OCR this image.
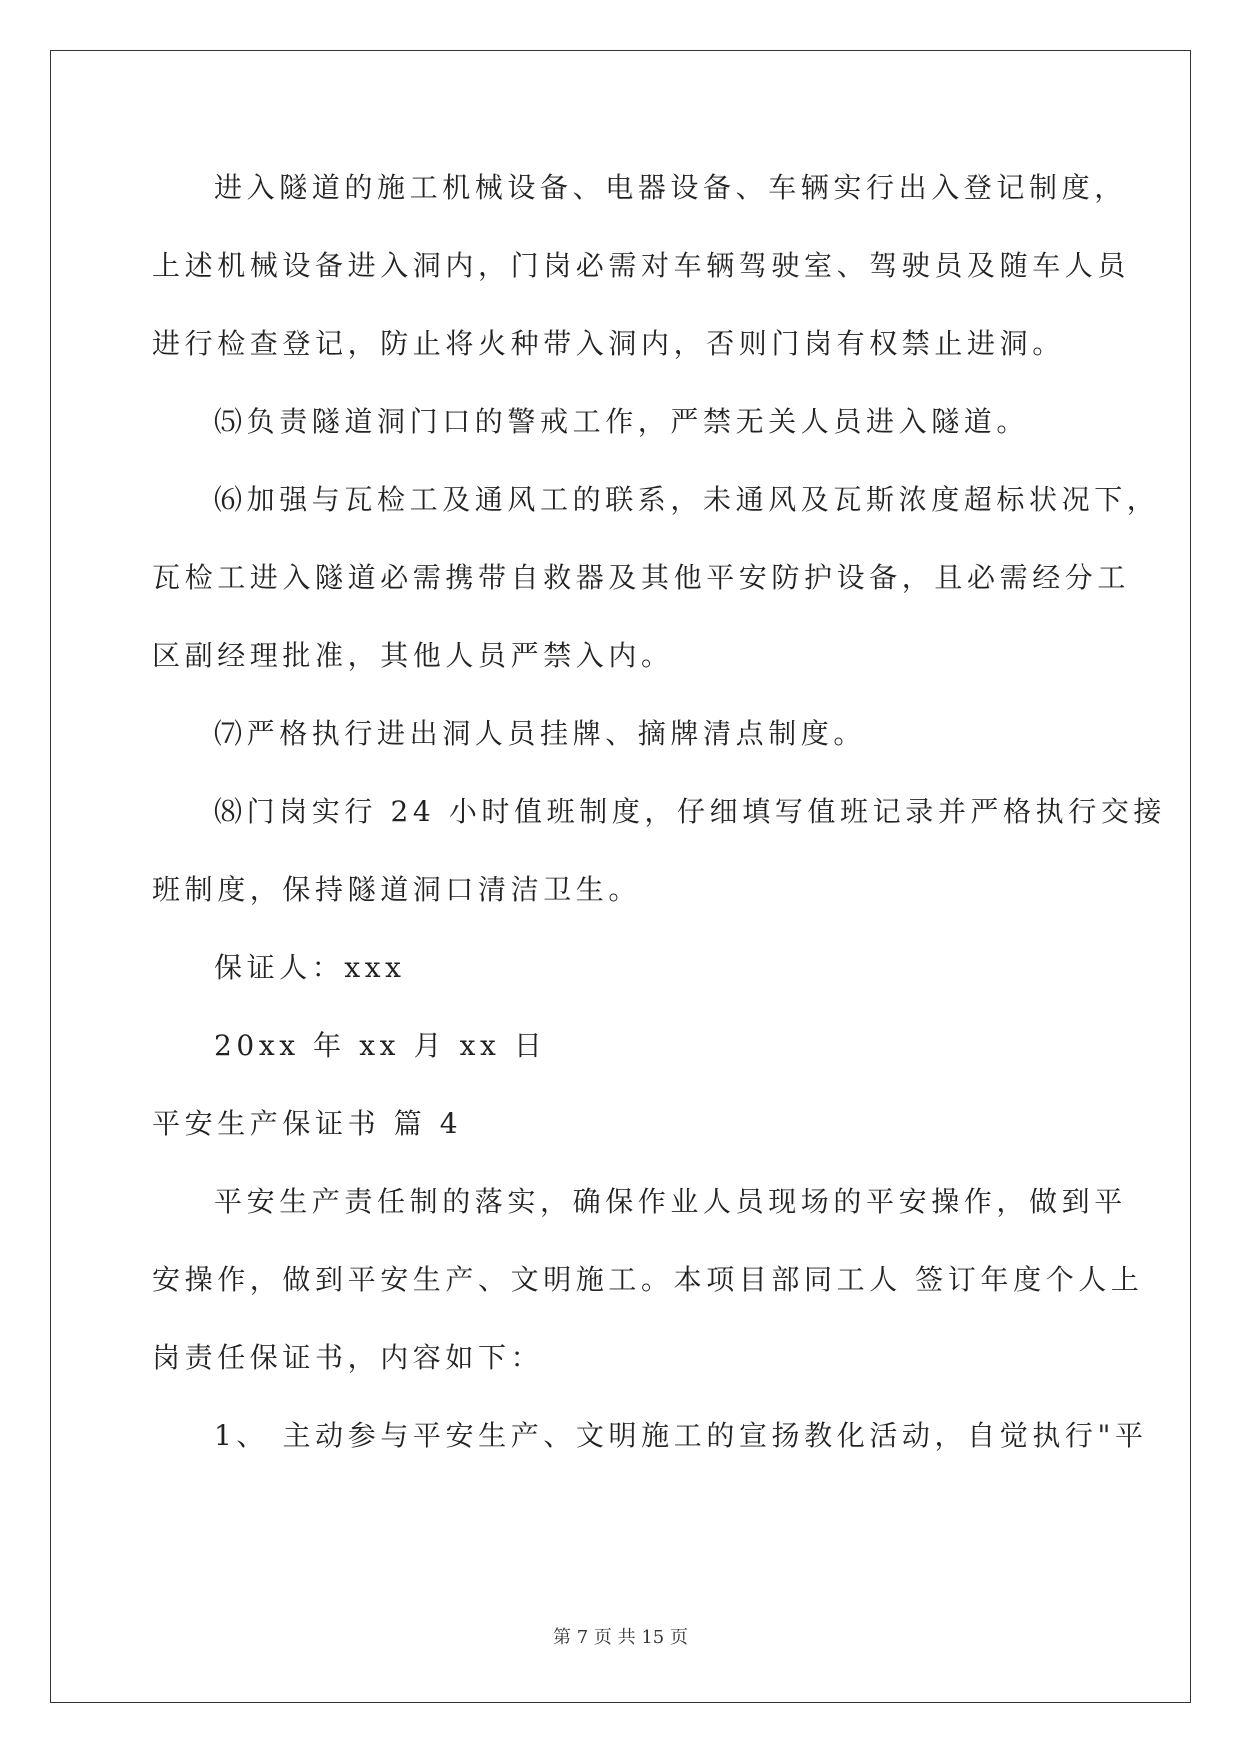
进入隧道的施工机械设备、电器设备、车辆实行出入登记制度，
上述机械设备进入洞内，门岗必需对车辆驾驶室、驾驶员及随车人员
进行检查登记，防止将火种带入洞内，否则门岗有权禁止进洞。
⑸负责隧道洞门口的警戒工作，严禁无关人员进入隧道。
⑹加强与瓦检工及通风工的联系，未通风及瓦斯浓度超标状况下，
瓦检工进入隧道必需携带自救器及其他平安防护设备，且必需经分工
区副经理批准，其他人员严禁入内。
⑺严格执行进出洞人员挂牌、摘牌清点制度。
⑻门岗实行 24 小时值班制度，仔细填写值班记录并严格执行交接
班制度，保持隧道洞口清洁卫生。
保证人：xxx
20xx 年 xx 月 xx 日
平安生产保证书 篇 4
平安生产责任制的落实，确保作业人员现场的平安操作，做到平
安操作，做到平安生产、文明施工。本项目部同工人 签订年度个人上
岗责任保证书，内容如下：
1、 主动参与平安生产、文明施工的宣扬教化活动，自觉执行"平
第 7 页 共 15 页
